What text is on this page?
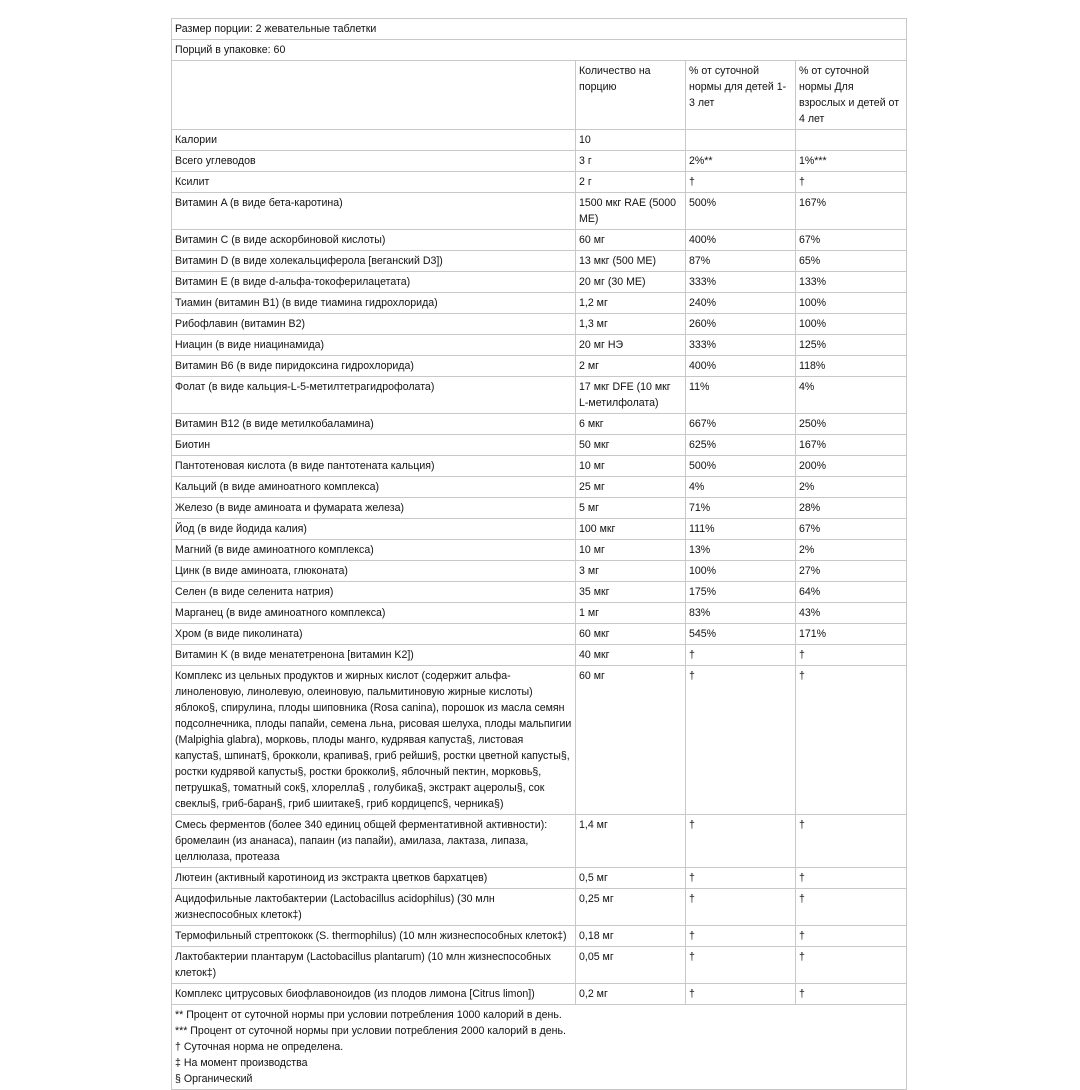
Размер порции: 2 жевательные таблетки			
Порций в упаковке: 60			
	Количество на порцию	% от суточной нормы для детей 1-3 лет	% от суточной нормы Для взрослых и детей от 4 лет
Калории	10		
Всего углеводов	3 г	2%**	1%***
Ксилит	2 г	†	†
Витамин A (в виде бета-каротина)	1500 мкг RAE (5000 МЕ)	500%	167%
Витамин C (в виде аскорбиновой кислоты)	60 мг	400%	67%
Витамин D (в виде холекальциферола [веганский D3])	13 мкг (500 МЕ)	87%	65%
Витамин E (в виде d-альфа-токоферилацетата)	20 мг (30 МЕ)	333%	133%
Тиамин (витамин B1) (в виде тиамина гидрохлорида)	1,2 мг	240%	100%
Рибофлавин (витамин B2)	1,3 мг	260%	100%
Ниацин (в виде ниацинамида)	20 мг НЭ	333%	125%
Витамин B6 (в виде пиридоксина гидрохлорида)	2 мг	400%	118%
Фолат (в виде кальция-L-5-метилтетрагидрофолата)	17 мкг DFE (10 мкг L-метилфолата)	11%	4%
Витамин B12 (в виде метилкобаламина)	6 мкг	667%	250%
Биотин	50 мкг	625%	167%
Пантотеновая кислота (в виде пантотената кальция)	10 мг	500%	200%
Кальций (в виде аминоатного комплекса)	25 мг	4%	2%
Железо (в виде аминоата и фумарата железа)	5 мг	71%	28%
Йод (в виде йодида калия)	100 мкг	111%	67%
Магний (в виде аминоатного комплекса)	10 мг	13%	2%
Цинк (в виде аминоата, глюконата)	3 мг	100%	27%
Селен (в виде селенита натрия)	35 мкг	175%	64%
Марганец (в виде аминоатного комплекса)	1 мг	83%	43%
Хром (в виде пиколината)	60 мкг	545%	171%
Витамин K (в виде менатетренона [витамин K2])	40 мкг	†	†
Комплекс из цельных продуктов и жирных кислот (содержит альфа-линоленовую, линолевую, олеиновую, пальмитиновую жирные кислоты) яблоко§, спирулина, плоды шиповника (Rosa canina), порошок из масла семян подсолнечника, плоды папайи, семена льна, рисовая шелуха, плоды мальпигии (Malpighia glabra), морковь, плоды манго, кудрявая капуста§, листовая капуста§, шпинат§, брокколи, крапива§, гриб рейши§, ростки цветной капусты§, ростки кудрявой капусты§, ростки брокколи§, яблочный пектин, морковь§, петрушка§, томатный сок§, хлорелла§ , голубика§, экстракт ацеролы§, сок свеклы§, гриб-баран§, гриб шиитаке§, гриб кордицепс§, черника§)	60 мг	†	†
Смесь ферментов (более 340 единиц общей ферментативной активности): бромелаин (из ананаса), папаин (из папайи), амилаза, лактаза, липаза, целлюлаза, протеаза	1,4 мг	†	†
Лютеин (активный каротиноид из экстракта цветков бархатцев)	0,5 мг	†	†
Ацидофильные лактобактерии (Lactobacillus acidophilus) (30 млн жизнеспособных клеток‡)	0,25 мг	†	†
Термофильный стрептококк (S. thermophilus) (10 млн жизнеспособных клеток‡)	0,18 мг	†	†
Лактобактерии плантарум (Lactobacillus plantarum) (10 млн жизнеспособных клеток‡)	0,05 мг	†	†
Комплекс цитрусовых биофлавоноидов (из плодов лимона [Citrus limon])	0,2 мг	†	†

** Процент от суточной нормы при условии потребления 1000 калорий в день.
*** Процент от суточной нормы при условии потребления 2000 калорий в день.
† Суточная норма не определена.
‡ На момент производства
§ Органический			
